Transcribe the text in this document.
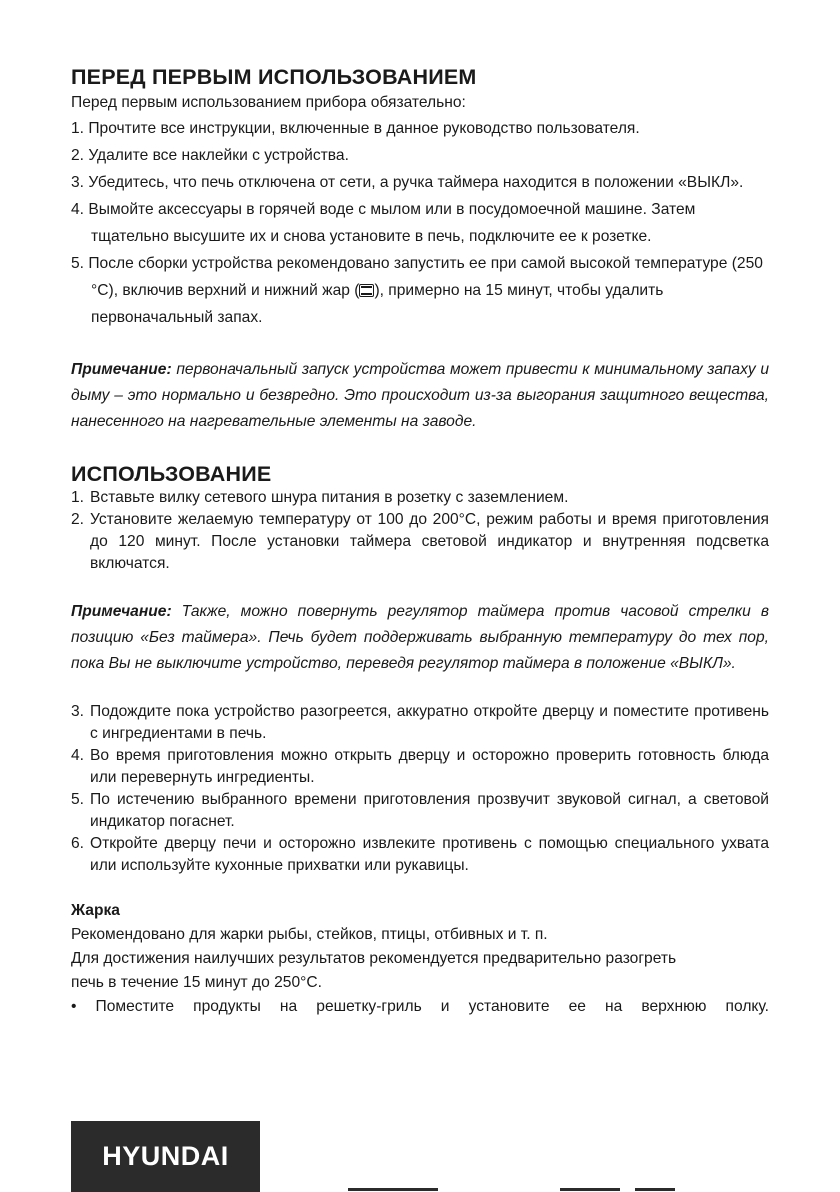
ПЕРЕД ПЕРВЫМ ИСПОЛЬЗОВАНИЕМ

Перед первым использованием прибора обязательно:

1. Прочтите все инструкции, включенные в данное руководство пользователя.
2. Удалите все наклейки с устройства.
3. Убедитесь, что печь отключена от сети, а ручка таймера находится в положении «ВЫКЛ».
4. Вымойте аксессуары в горячей воде с мылом или в посудомоечной машине. Затем тщательно высушите их и снова установите в печь, подключите ее к розетке.
5. После сборки устройства рекомендовано запустить ее при самой высокой температуре (250 °С), включив верхний и нижний жар ( ), примерно на 15 минут, чтобы удалить первоначальный запах.

Примечание: первоначальный запуск устройства может привести к минимальному запаху и дыму – это нормально и безвредно. Это происходит из-за выгорания защитного вещества, нанесенного на нагревательные элементы на заводе.

ИСПОЛЬЗОВАНИЕ
1. Вставьте вилку сетевого шнура питания в розетку с заземлением.
2. Установите желаемую температуру от 100 до 200°С, режим работы и время приготовления до 120 минут. После установки таймера световой индикатор и внутренняя подсветка включатся.

Примечание: Также, можно повернуть регулятор таймера против часовой стрелки в позицию «Без таймера». Печь будет поддерживать выбранную температуру до тех пор, пока Вы не выключите устройство, переведя регулятор таймера в положение «ВЫКЛ».

3. Подождите пока устройство разогреется, аккуратно откройте дверцу и поместите противень с ингредиентами в печь.
4. Во время приготовления можно открыть дверцу и осторожно проверить готовность блюда или перевернуть ингредиенты.
5. По истечению выбранного времени приготовления прозвучит звуковой сигнал, а световой индикатор погаснет.
6. Откройте дверцу печи и осторожно извлеките противень с помощью специального ухвата или используйте кухонные прихватки или рукавицы.

Жарка

Рекомендовано для жарки рыбы, стейков, птицы, отбивных и т. п.

Для достижения наилучших результатов рекомендуется предварительно разогреть печь в течение 15 минут до 250°С.

• Поместите продукты на решетку-гриль и установите ее на верхнюю полку.

HYUNDAI
